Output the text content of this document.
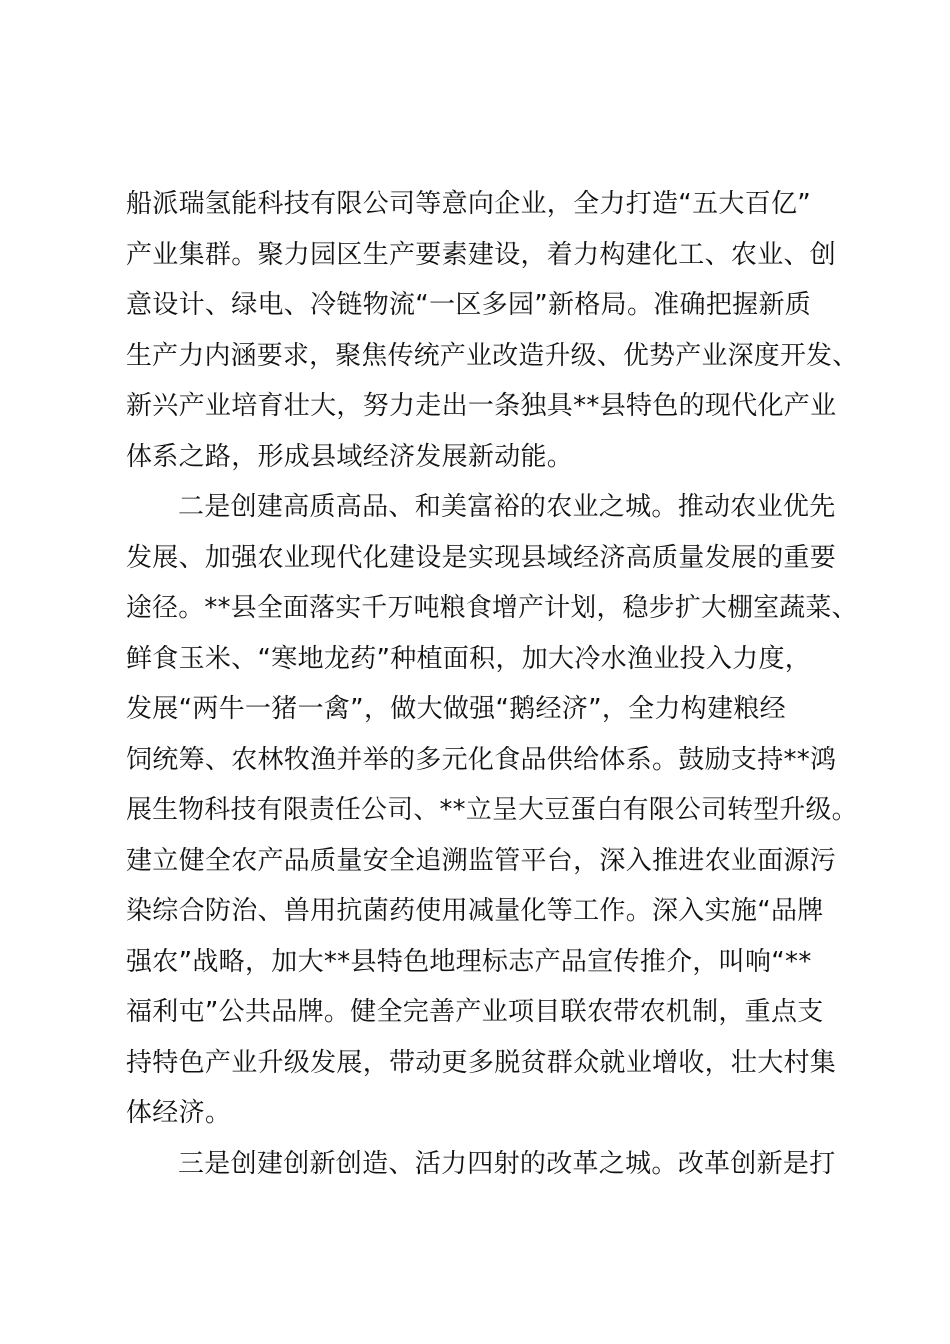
船派瑞氢能科技有限公司等意向企业，全力打造“五大百亿”
产业集群。聚力园区生产要素建设，着力构建化工、农业、创
意设计、绿电、冷链物流“一区多园”新格局。准确把握新质
生产力内涵要求，聚焦传统产业改造升级、优势产业深度开发、
新兴产业培育壮大，努力走出一条独具**县特色的现代化产业
体系之路，形成县域经济发展新动能。
二是创建高质高品、和美富裕的农业之城。推动农业优先
发展、加强农业现代化建设是实现县域经济高质量发展的重要
途径。**县全面落实千万吨粮食增产计划，稳步扩大棚室蔬菜、
鲜食玉米、“寒地龙药”种植面积，加大冷水渔业投入力度，
发展“两牛一猪一禽”，做大做强“鹅经济”，全力构建粮经
饲统筹、农林牧渔并举的多元化食品供给体系。鼓励支持**鸿
展生物科技有限责任公司、**立呈大豆蛋白有限公司转型升级。
建立健全农产品质量安全追溯监管平台，深入推进农业面源污
染综合防治、兽用抗菌药使用减量化等工作。深入实施“品牌
强农”战略，加大**县特色地理标志产品宣传推介，叫响“**
福利屯”公共品牌。健全完善产业项目联农带农机制，重点支
持特色产业升级发展，带动更多脱贫群众就业增收，壮大村集
体经济。
三是创建创新创造、活力四射的改革之城。改革创新是打
